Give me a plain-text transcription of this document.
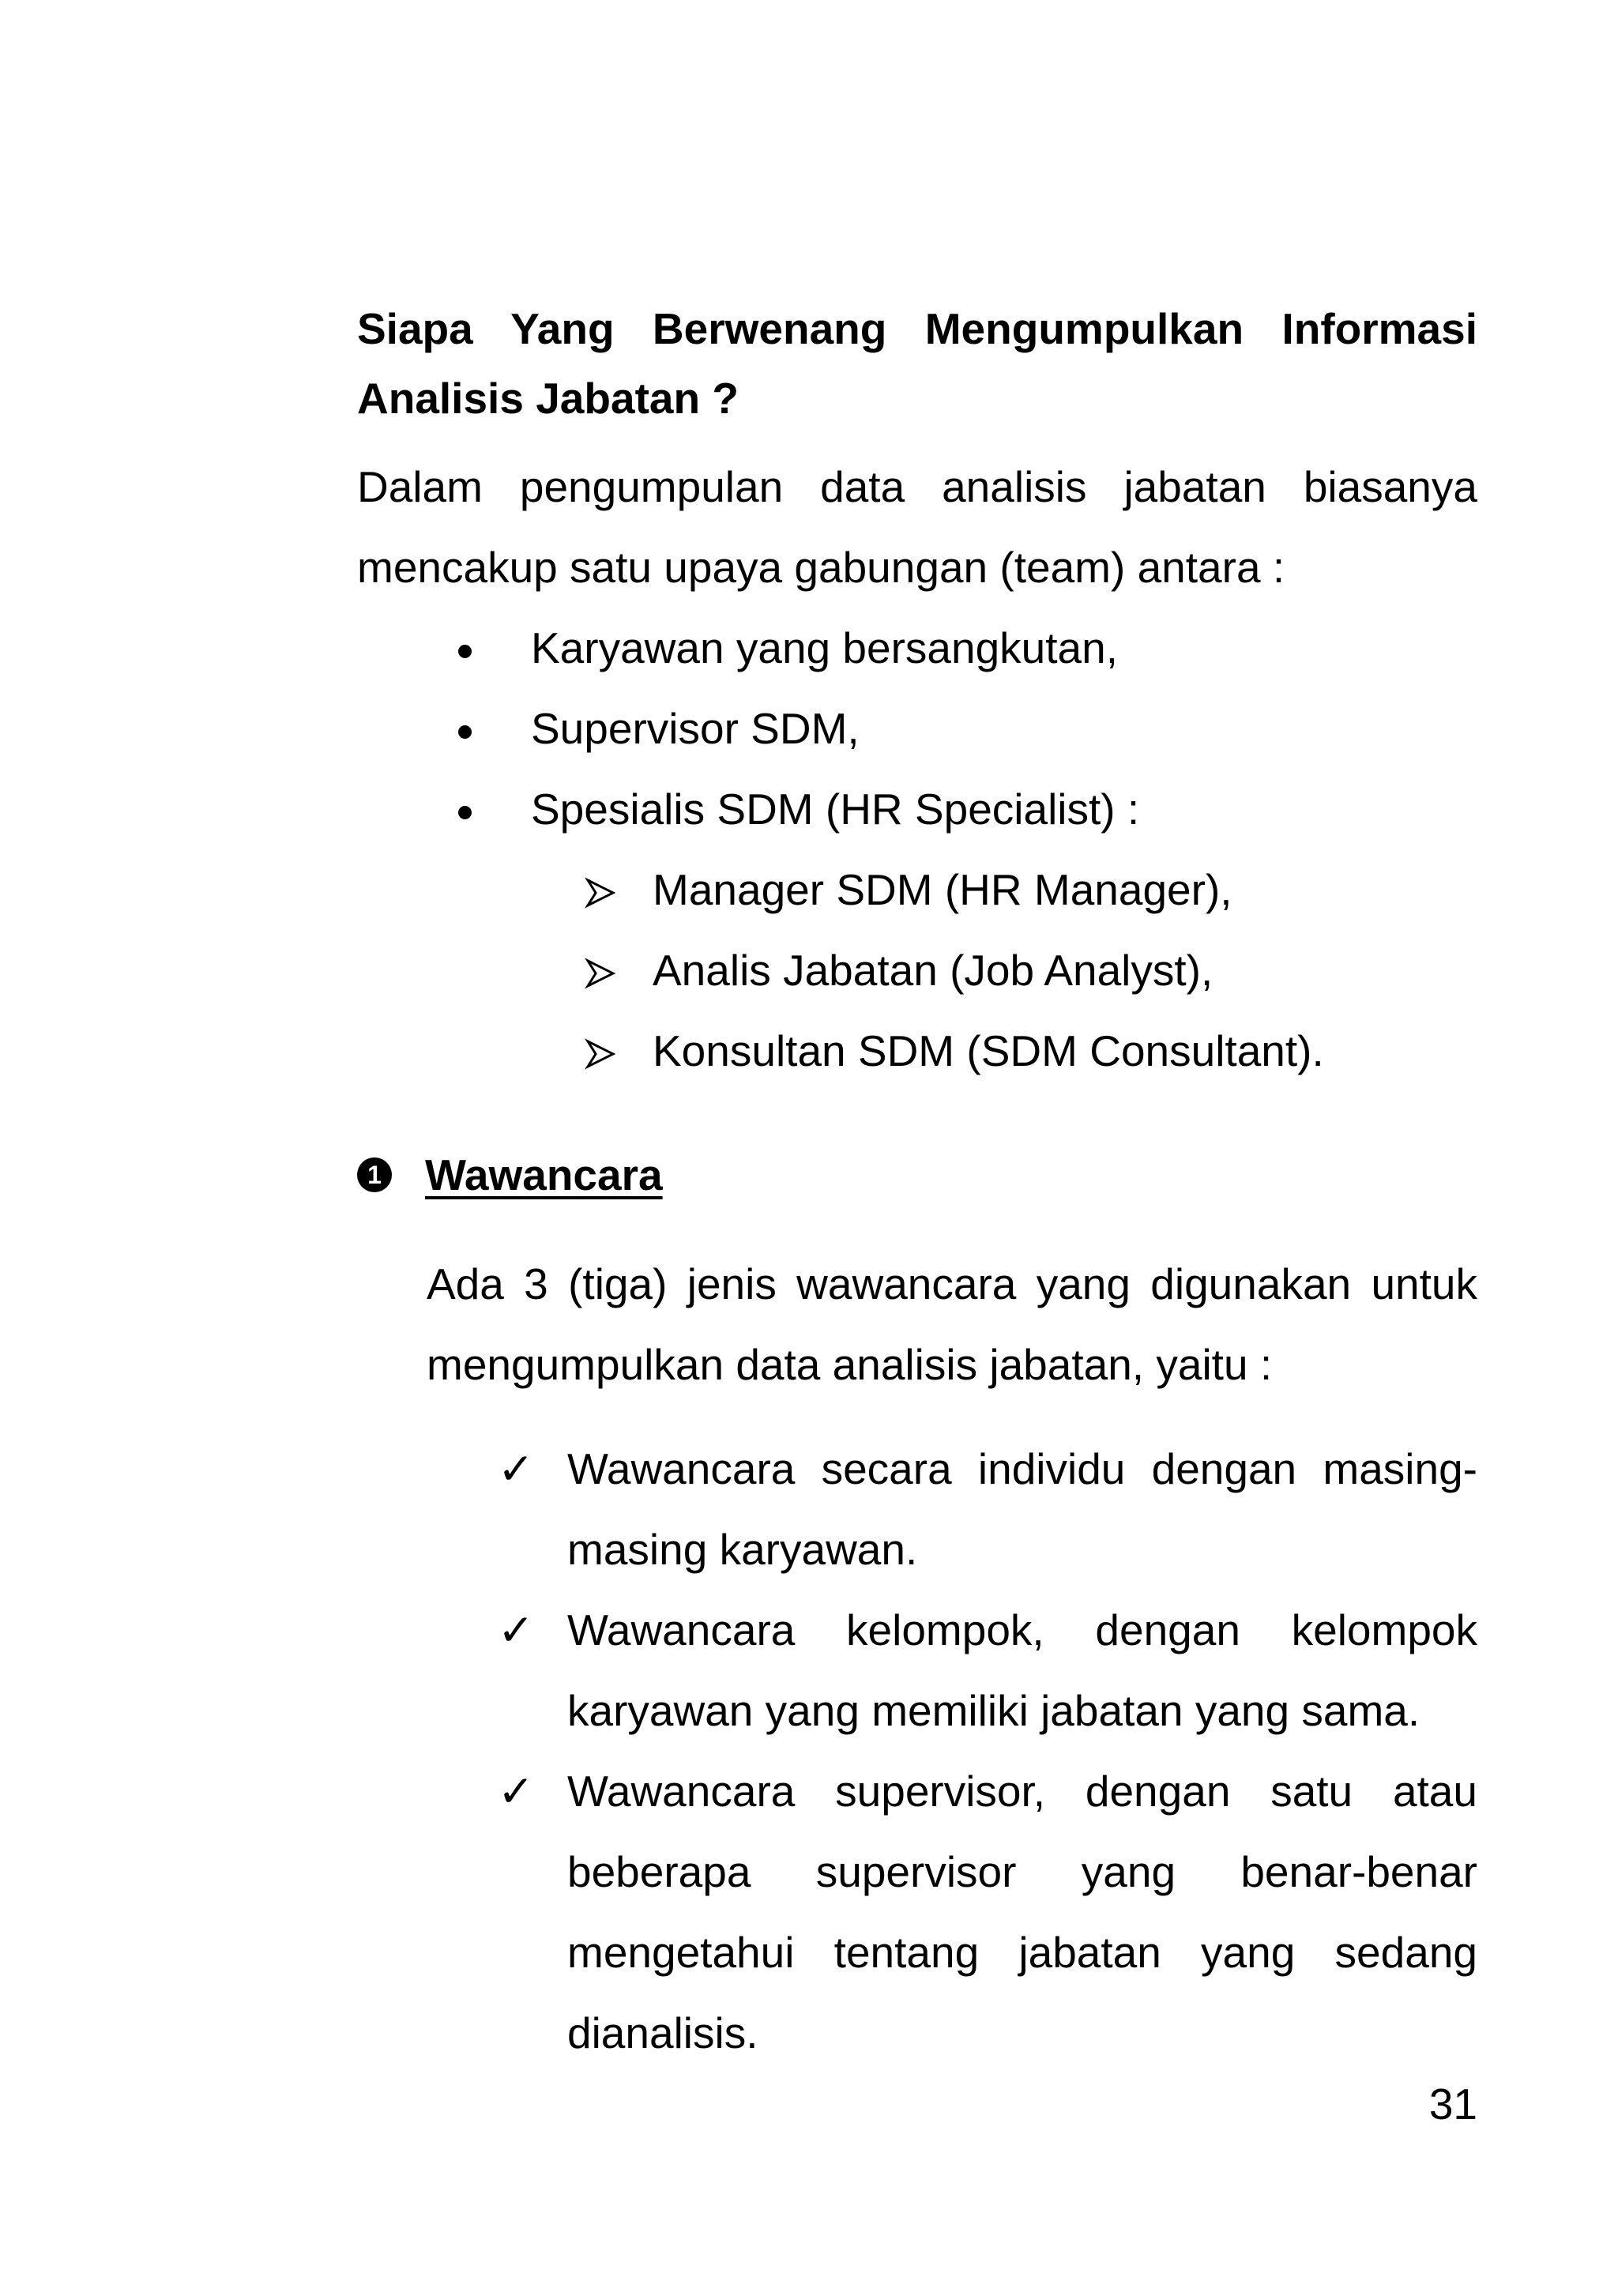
Siapa Yang Berwenang Mengumpulkan Informasi Analisis Jabatan ?
Dalam pengumpulan data analisis jabatan biasanya mencakup satu upaya gabungan (team) antara :
Karyawan yang bersangkutan,
Supervisor SDM,
Spesialis SDM (HR Specialist) :
Manager SDM (HR Manager),
Analis Jabatan (Job Analyst),
Konsultan SDM (SDM Consultant).
1 Wawancara
Ada 3 (tiga) jenis wawancara yang digunakan untuk mengumpulkan data analisis jabatan, yaitu :
✓ Wawancara secara individu dengan masing-masing karyawan.
✓ Wawancara kelompok, dengan kelompok karyawan yang memiliki jabatan yang sama.
✓ Wawancara supervisor, dengan satu atau beberapa supervisor yang benar-benar mengetahui tentang jabatan yang sedang dianalisis.
31
